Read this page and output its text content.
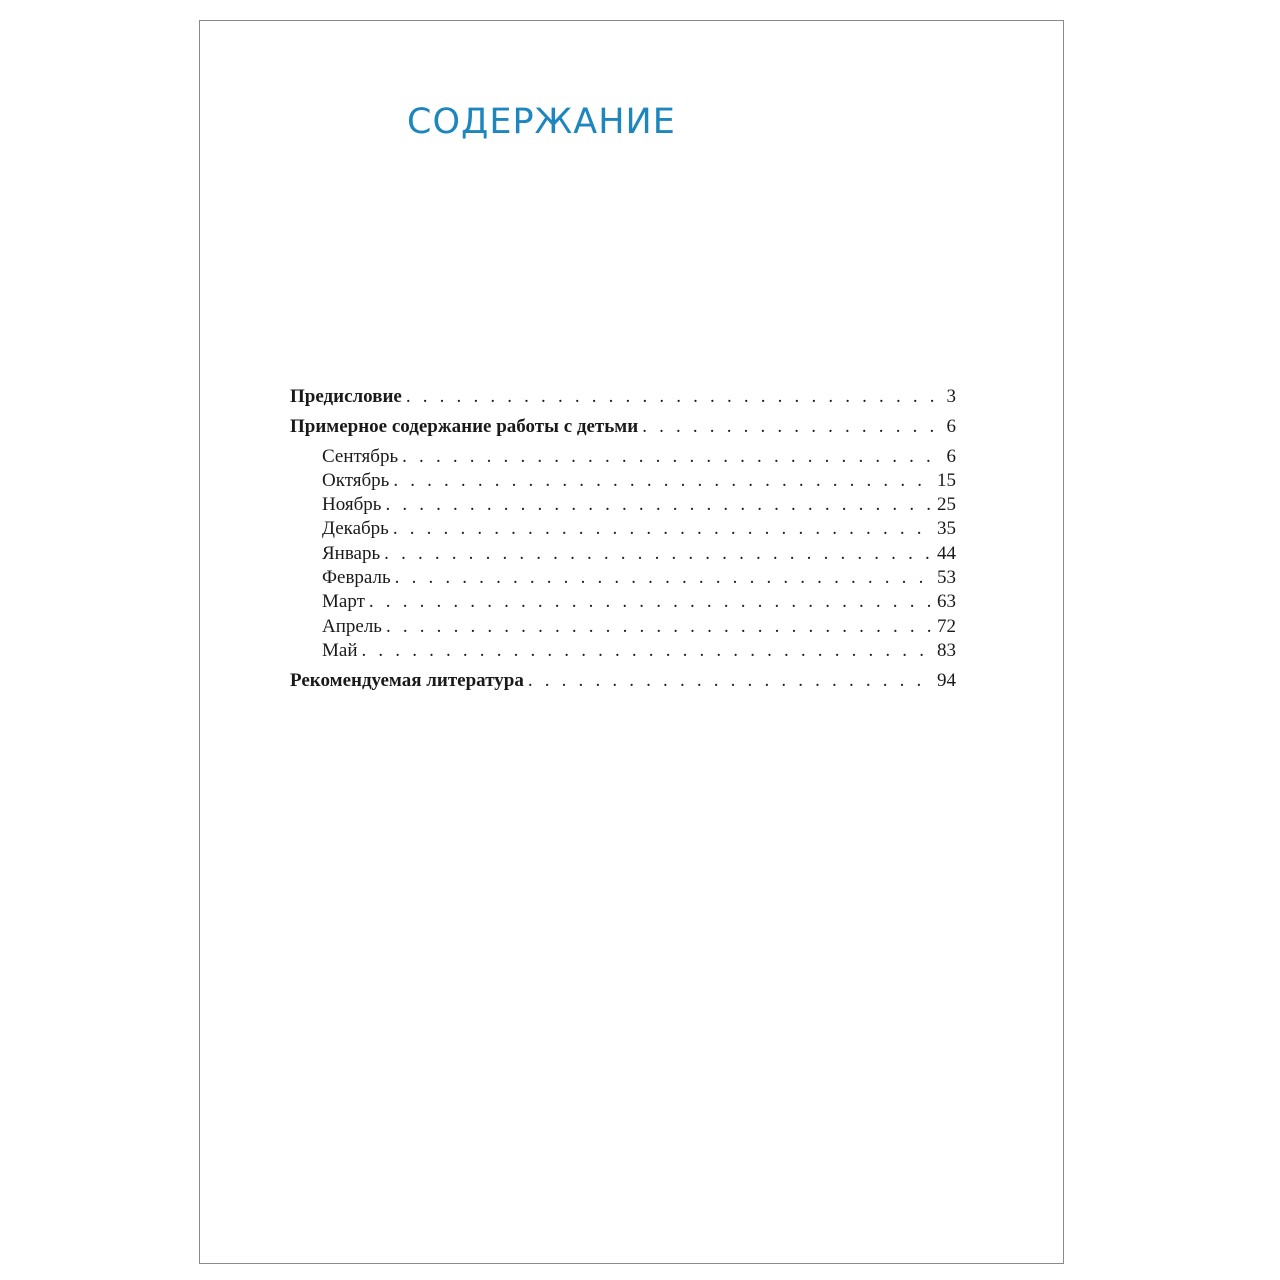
СОДЕРЖАНИЕ
Предисловие . . .	3
Примерное содержание работы с детьми . . .	6
Сентябрь . . .	6
Октябрь . . .	15
Ноябрь . . .	25
Декабрь . . .	35
Январь . . .	44
Февраль . . .	53
Март . . .	63
Апрель . . .	72
Май . . .	83
Рекомендуемая литература . . .	94
